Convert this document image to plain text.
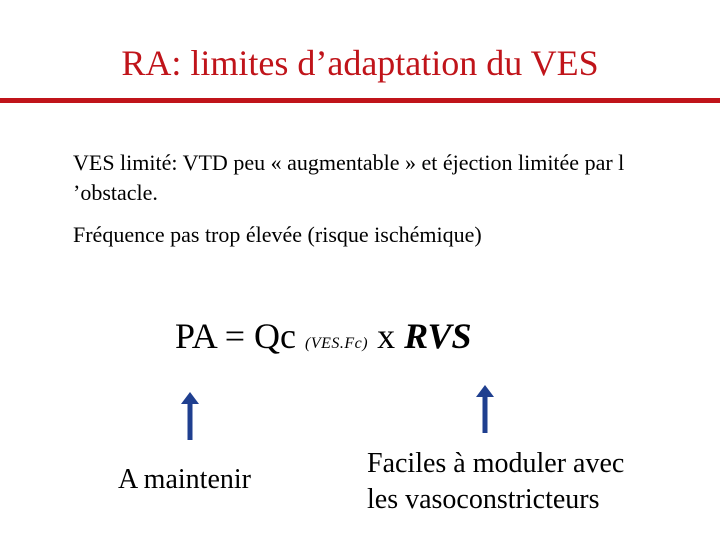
RA: limites d’adaptation du VES
VES limité: VTD peu « augmentable » et éjection limitée par l ’obstacle.
Fréquence pas trop élevée (risque ischémique)
PA = Qc (VES.Fc) x RVS
A maintenir
Faciles à moduler avec
les vasoconstricteurs
